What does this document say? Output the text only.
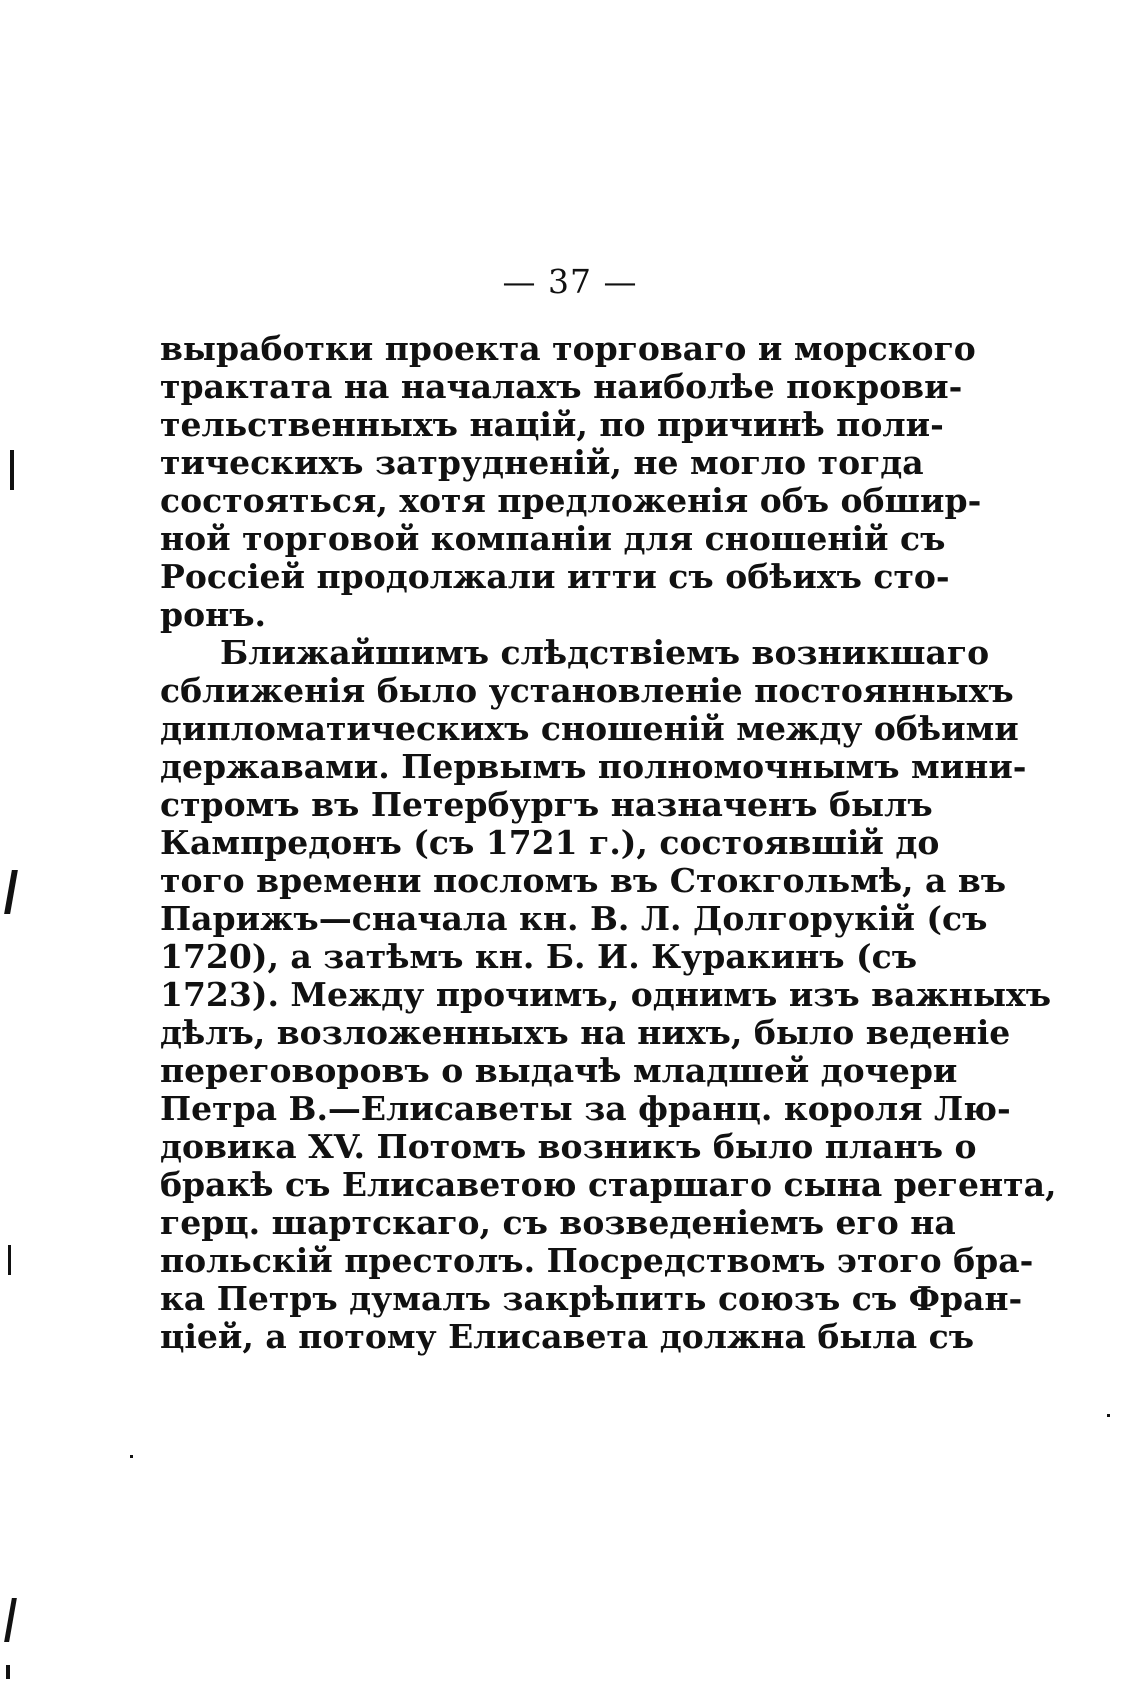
— 37 —
выработки проекта торговаго и морского
трактата на началахъ наиболѣе покрови-
тельственныхъ націй, по причинѣ поли-
тическихъ затрудненій, не могло тогда
состояться, хотя предложенія объ обшир-
ной торговой компаніи для сношеній съ
Россіей продолжали итти съ обѣихъ сто-
ронъ.
Ближайшимъ слѣдствіемъ возникшаго
сближенія было установленіе постоянныхъ
дипломатическихъ сношеній между обѣими
державами. Первымъ полномочнымъ мини-
стромъ въ Петербургъ назначенъ былъ
Кампредонъ (съ 1721 г.), состоявшій до
того времени посломъ въ Стокгольмѣ, а въ
Парижъ—сначала кн. В. Л. Долгорукій (съ
1720), а затѣмъ кн. Б. И. Куракинъ (съ
1723). Между прочимъ, однимъ изъ важныхъ
дѣлъ, возложенныхъ на нихъ, было веденіе
переговоровъ о выдачѣ младшей дочери
Петра В.—Елисаветы за франц. короля Лю-
довика XV. Потомъ возникъ было планъ о
бракѣ съ Елисаветою старшаго сына регента,
герц. шартскаго, съ возведеніемъ его на
польскій престолъ. Посредствомъ этого бра-
ка Петръ думалъ закрѣпить союзъ съ Фран-
ціей, а потому Елисавета должна была съ
